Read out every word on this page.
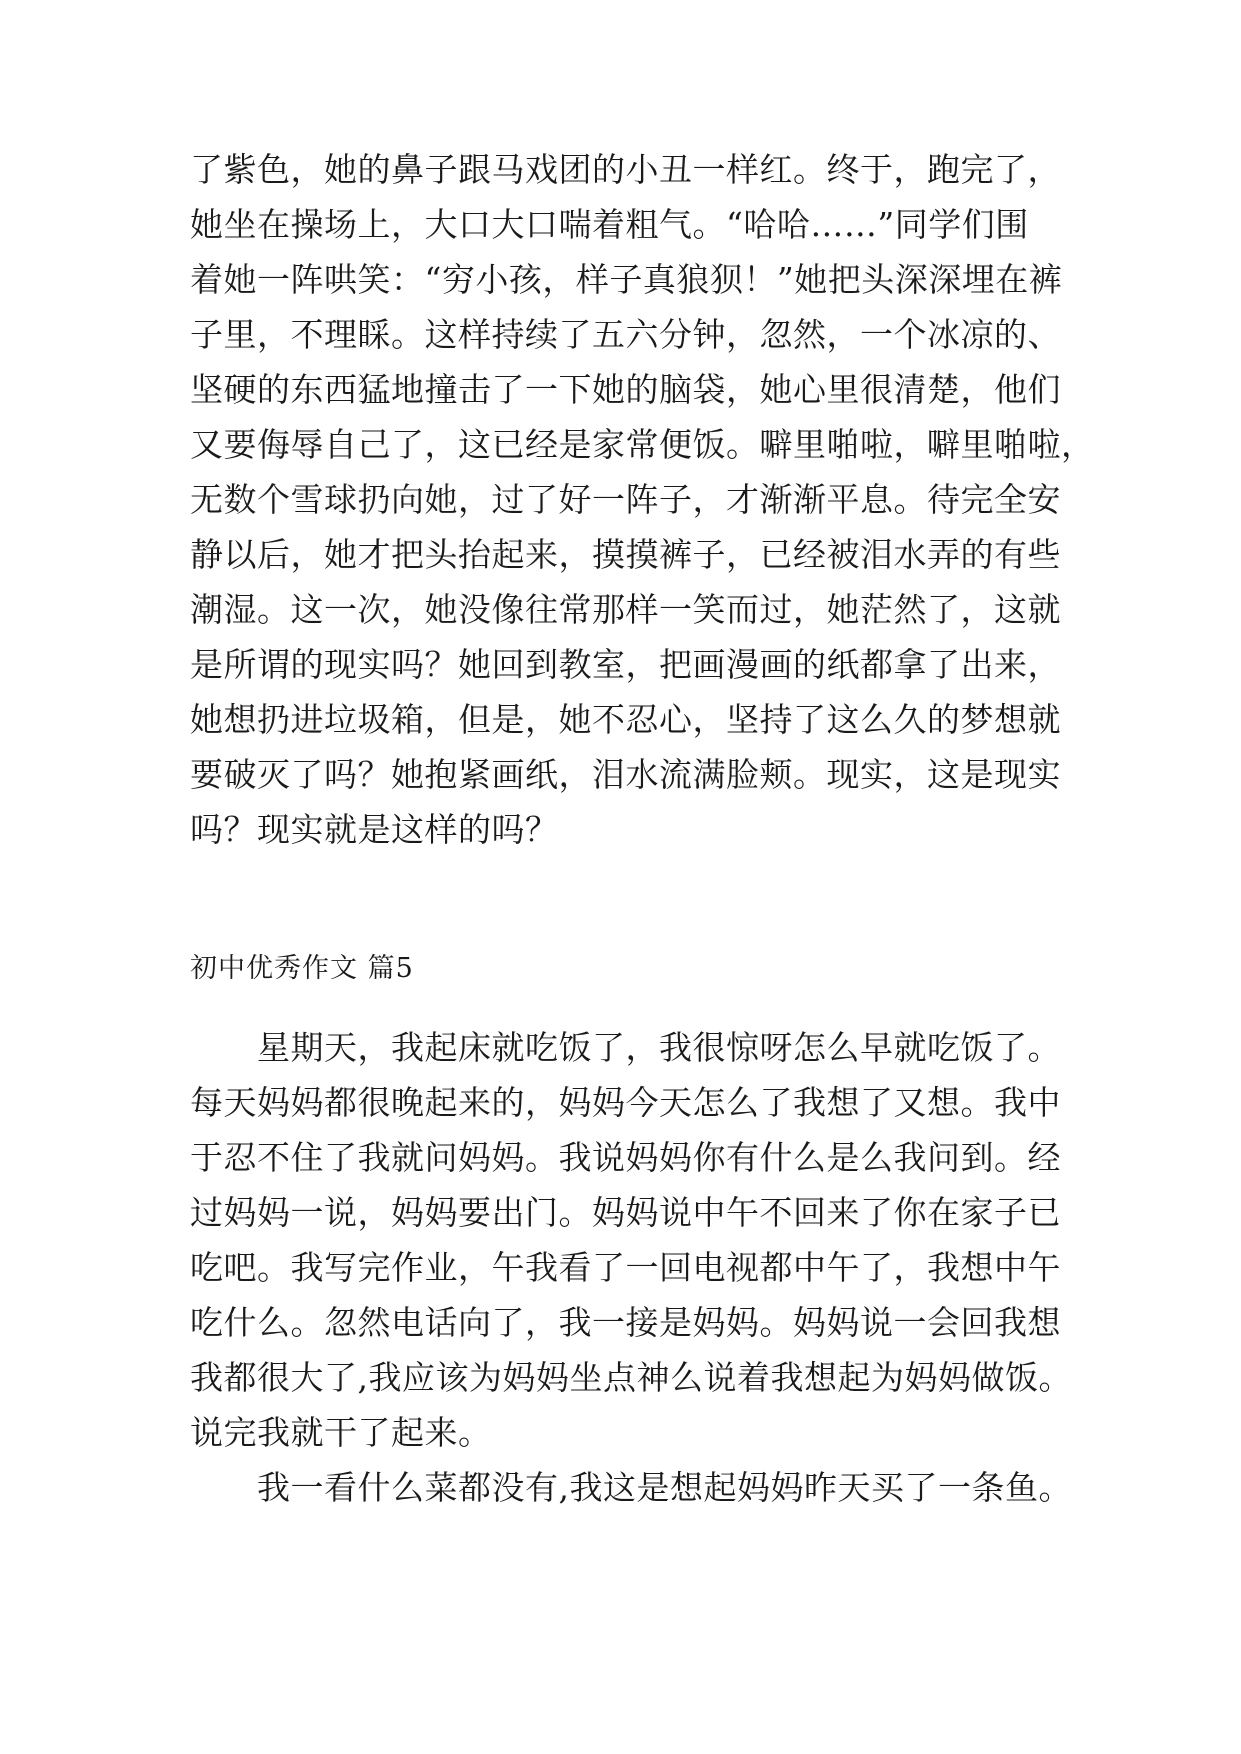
了紫色，她的鼻子跟马戏团的小丑一样红。终于，跑完了，
她坐在操场上，大口大口喘着粗气。“哈哈……”同学们围
着她一阵哄笑：“穷小孩，样子真狼狈！”她把头深深埋在裤
子里，不理睬。这样持续了五六分钟，忽然，一个冰凉的、
坚硬的东西猛地撞击了一下她的脑袋，她心里很清楚，他们
又要侮辱自己了，这已经是家常便饭。噼里啪啦，噼里啪啦，
无数个雪球扔向她，过了好一阵子，才渐渐平息。待完全安
静以后，她才把头抬起来，摸摸裤子，已经被泪水弄的有些
潮湿。这一次，她没像往常那样一笑而过，她茫然了，这就
是所谓的现实吗？她回到教室，把画漫画的纸都拿了出来，
她想扔进垃圾箱，但是，她不忍心，坚持了这么久的梦想就
要破灭了吗？她抱紧画纸，泪水流满脸颊。现实，这是现实
吗？现实就是这样的吗？
初中优秀作文 篇5
　　星期天，我起床就吃饭了，我很惊呀怎么早就吃饭了。
每天妈妈都很晚起来的，妈妈今天怎么了我想了又想。我中
于忍不住了我就问妈妈。我说妈妈你有什么是么我问到。经
过妈妈一说，妈妈要出门。妈妈说中午不回来了你在家子已
吃吧。我写完作业，午我看了一回电视都中午了，我想中午
吃什么。忽然电话向了，我一接是妈妈。妈妈说一会回我想
我都很大了,我应该为妈妈坐点神么说着我想起为妈妈做饭。
说完我就干了起来。
　　我一看什么菜都没有,我这是想起妈妈昨天买了一条鱼。
